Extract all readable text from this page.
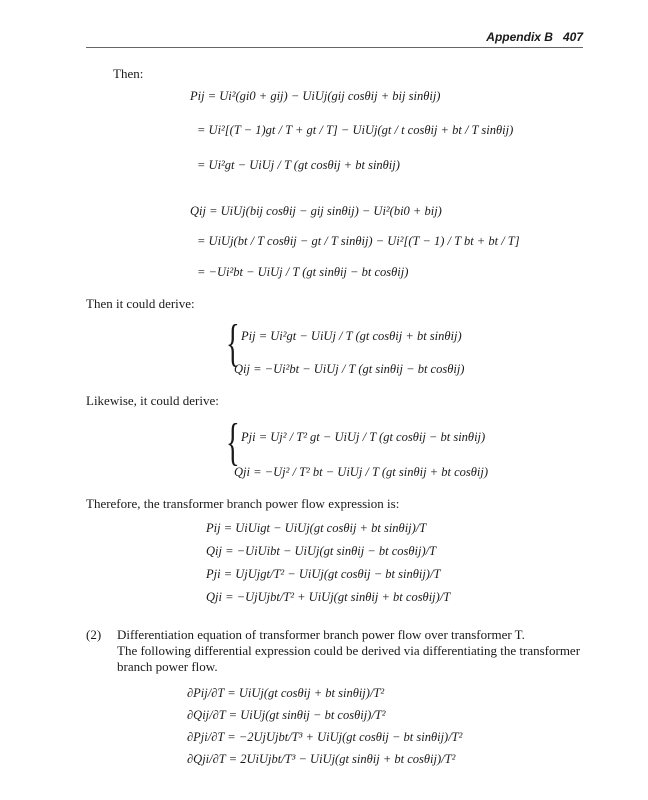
Appendix B 407
Then:
Pij = Ui²(gi0 + gij) − UiUj(gij cosθij + bij sinθij)
= Ui²[(T − 1)gt / T + gt / T] − UiUj(gt / t cosθij + bt / T sinθij)
= Ui²gt − UiUj / T (gt cosθij + bt sinθij)
Qij = UiUj(bij cosθij − gij sinθij) − Ui²(bi0 + bij)
= UiUj(bt / T cosθij − gt / T sinθij) − Ui²[(T − 1) / T bt + bt / T]
= −Ui²bt − UiUj / T (gt sinθij − bt cosθij)
Then it could derive:
{ Pij = Ui²gt − UiUj / T (gt cosθij + bt sinθij)
Qij = −Ui²bt − UiUj / T (gt sinθij − bt cosθij)
Likewise, it could derive:
{ Pji = Uj² / T² gt − UiUj / T (gt cosθij − bt sinθij)
Qji = −Uj² / T² bt − UiUj / T (gt sinθij + bt cosθij)
Therefore, the transformer branch power flow expression is:
Pij = UiUigt − UiUj(gt cosθij + bt sinθij)/T
Qij = −UiUibt − UiUj(gt sinθij − bt cosθij)/T
Pji = UjUjgt/T² − UiUj(gt cosθij − bt sinθij)/T
Qji = −UjUjbt/T² + UiUj(gt sinθij + bt cosθij)/T
(2) Differentiation equation of transformer branch power flow over transformer T.
The following differential expression could be derived via differentiating the transformer
branch power flow.
∂Pij/∂T = UiUj(gt cosθij + bt sinθij)/T²
∂Qij/∂T = UiUj(gt sinθij − bt cosθij)/T²
∂Pji/∂T = −2UjUjbt/T³ + UiUj(gt cosθij − bt sinθij)/T²
∂Qji/∂T = 2UiUjbt/T³ − UiUj(gt sinθij + bt cosθij)/T²
